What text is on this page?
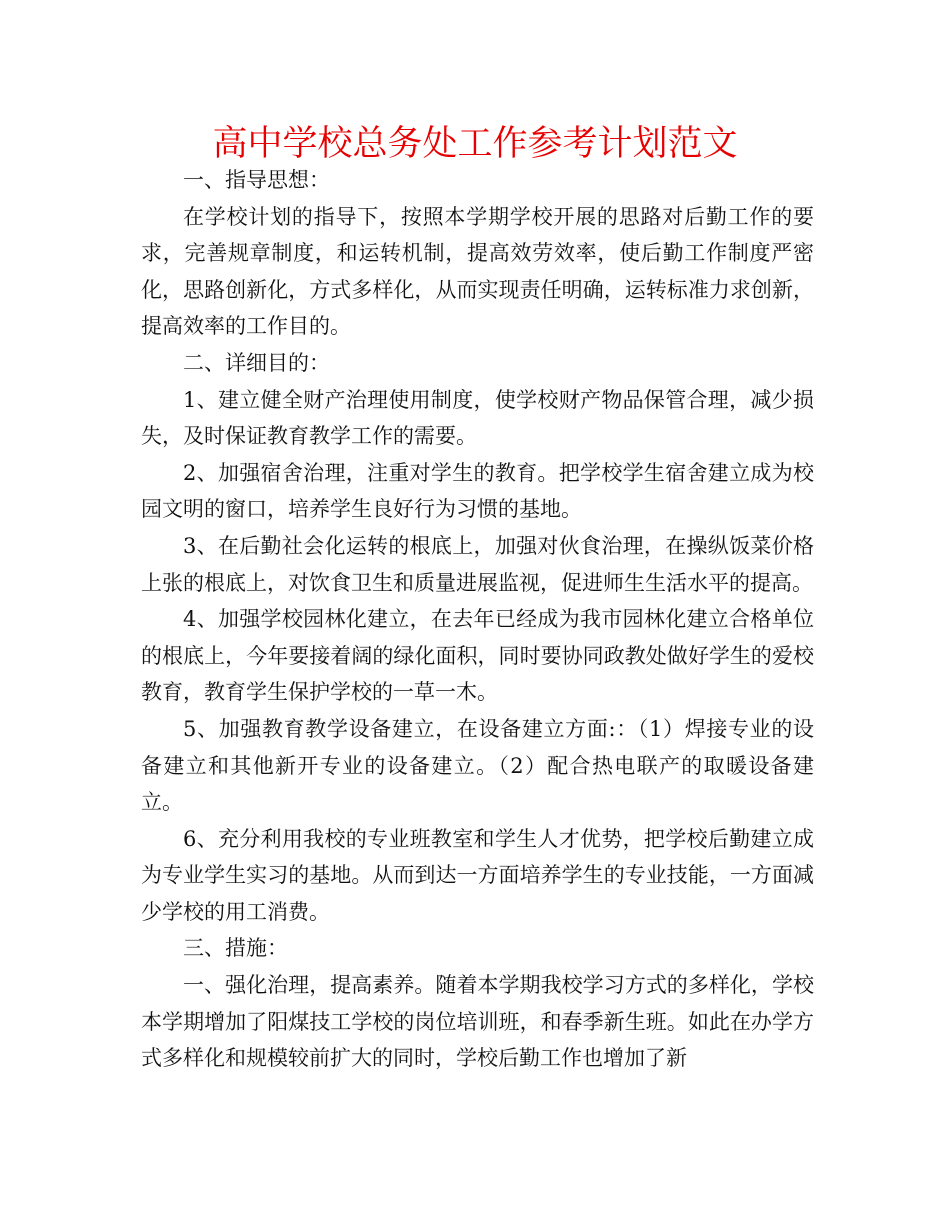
高中学校总务处工作参考计划范文

一、指导思想：

在学校计划的指导下，按照本学期学校开展的思路对后勤工作的要求，完善规章制度，和运转机制，提高效劳效率，使后勤工作制度严密化，思路创新化，方式多样化，从而实现责任明确，运转标准力求创新，提高效率的工作目的。

二、详细目的：

1、建立健全财产治理使用制度，使学校财产物品保管合理，减少损失，及时保证教育教学工作的需要。

2、加强宿舍治理，注重对学生的教育。把学校学生宿舍建立成为校园文明的窗口，培养学生良好行为习惯的基地。

3、在后勤社会化运转的根底上，加强对伙食治理，在操纵饭菜价格上张的根底上，对饮食卫生和质量进展监视，促进师生生活水平的提高。

4、加强学校园林化建立，在去年已经成为我市园林化建立合格单位的根底上，今年要接着阔的绿化面积，同时要协同政教处做好学生的爱校教育，教育学生保护学校的一草一木。

5、加强教育教学设备建立，在设备建立方面:：（1）焊接专业的设备建立和其他新开专业的设备建立。（2）配合热电联产的取暖设备建立。

6、充分利用我校的专业班教室和学生人才优势，把学校后勤建立成为专业学生实习的基地。从而到达一方面培养学生的专业技能，一方面减少学校的用工消费。

三、措施：

一、强化治理，提高素养。随着本学期我校学习方式的多样化，学校本学期增加了阳煤技工学校的岗位培训班，和春季新生班。如此在办学方式多样化和规模较前扩大的同时，学校后勤工作也增加了新
